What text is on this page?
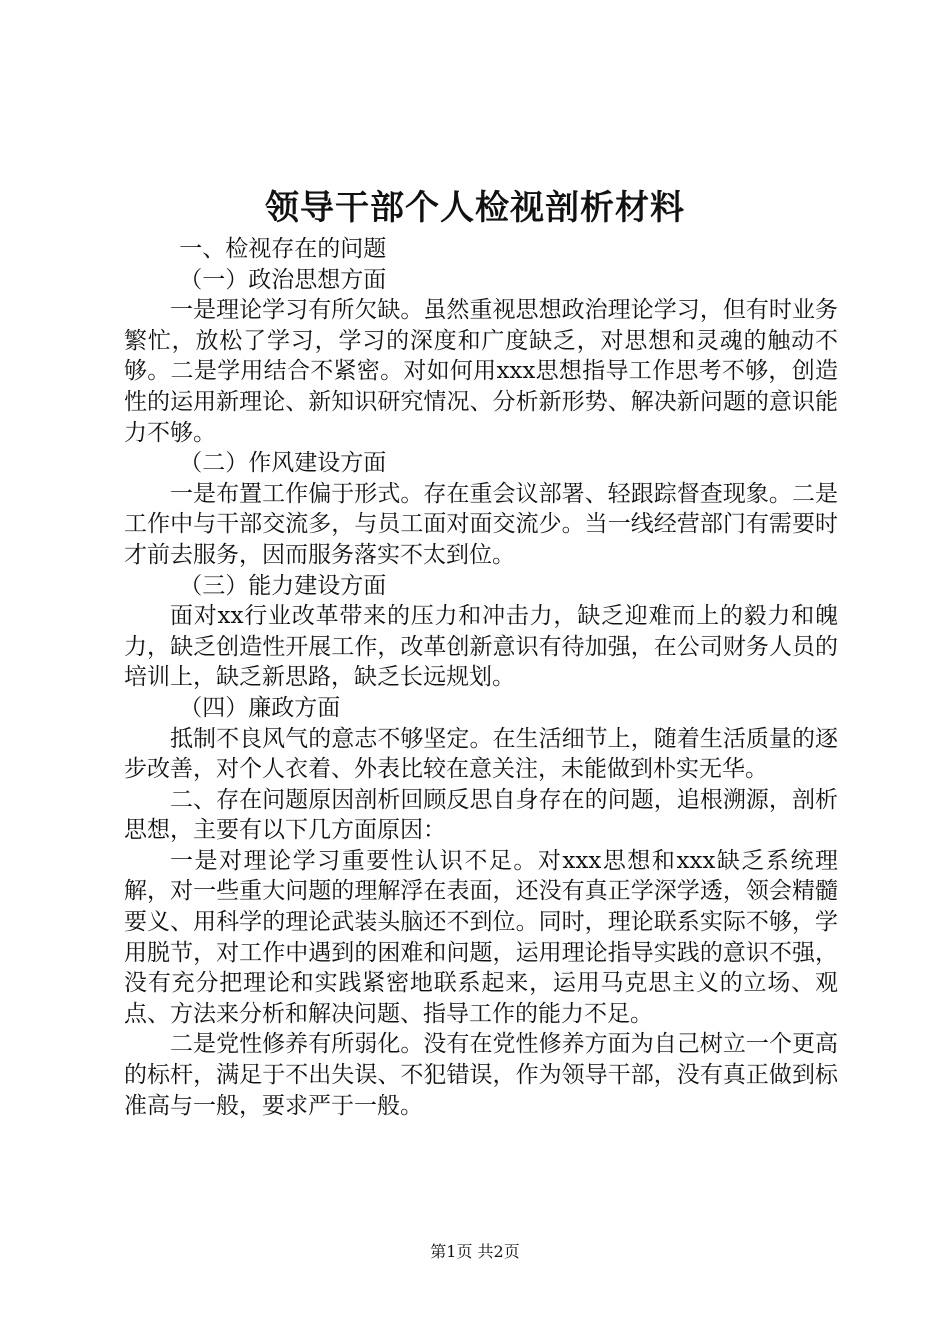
领导干部个人检视剖析材料

一、检视存在的问题

（一）政治思想方面

一是理论学习有所欠缺。虽然重视思想政治理论学习，但有时业务繁忙，放松了学习，学习的深度和广度缺乏，对思想和灵魂的触动不够。二是学用结合不紧密。对如何用xxx思想指导工作思考不够，创造性的运用新理论、新知识研究情况、分析新形势、解决新问题的意识能力不够。

（二）作风建设方面

一是布置工作偏于形式。存在重会议部署、轻跟踪督查现象。二是工作中与干部交流多，与员工面对面交流少。当一线经营部门有需要时才前去服务，因而服务落实不太到位。

（三）能力建设方面

面对xx行业改革带来的压力和冲击力，缺乏迎难而上的毅力和魄力，缺乏创造性开展工作，改革创新意识有待加强，在公司财务人员的培训上，缺乏新思路，缺乏长远规划。

（四）廉政方面

抵制不良风气的意志不够坚定。在生活细节上，随着生活质量的逐步改善，对个人衣着、外表比较在意关注，未能做到朴实无华。

二、存在问题原因剖析回顾反思自身存在的问题，追根溯源，剖析思想，主要有以下几方面原因：

一是对理论学习重要性认识不足。对xxx思想和xxx缺乏系统理解，对一些重大问题的理解浮在表面，还没有真正学深学透，领会精髓要义、用科学的理论武装头脑还不到位。同时，理论联系实际不够，学用脱节，对工作中遇到的困难和问题，运用理论指导实践的意识不强，没有充分把理论和实践紧密地联系起来，运用马克思主义的立场、观点、方法来分析和解决问题、指导工作的能力不足。

二是党性修养有所弱化。没有在党性修养方面为自己树立一个更高的标杆，满足于不出失误、不犯错误，作为领导干部，没有真正做到标准高与一般，要求严于一般。

第1页 共2页
